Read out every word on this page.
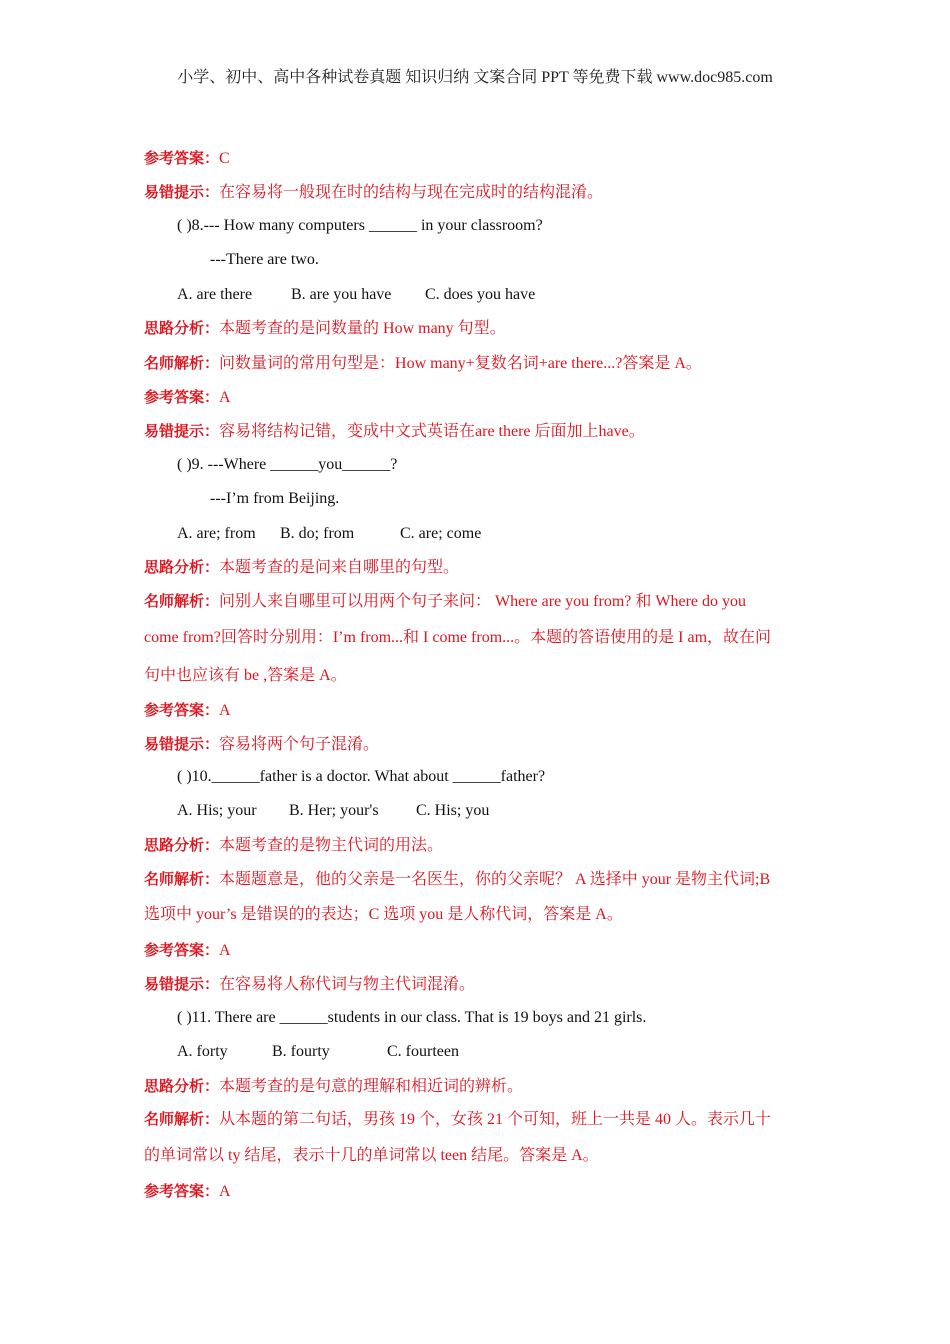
小学、初中、高中各种试卷真题 知识归纳 文案合同 PPT 等免费下载 www.doc985.com
参考答案：C
易错提示：在容易将一般现在时的结构与现在完成时的结构混淆。
( )8.--- How many computers ______ in your classroom?
---There are two.
A. are there B. are you have C. does you have
思路分析：本题考查的是问数量的 How many 句型。
名师解析：问数量词的常用句型是：How many+复数名词+are there...?答案是 A。
参考答案：A
易错提示：容易将结构记错，变成中文式英语在are there 后面加上have。
( )9. ---Where ______you______?
---I’m from Beijing.
A. are; from B. do; from	C. are; come
思路分析：本题考查的是问来自哪里的句型。
名师解析：问别人来自哪里可以用两个句子来问： Where are you from? 和 Where do you
come from?回答时分别用：I’m from...和 I come from...。本题的答语使用的是 I am，故在问
句中也应该有 be ,答案是 A。
参考答案：A
易错提示：容易将两个句子混淆。
( )10.______father is a doctor. What about ______father?
A. His; your B. Her; your's C. His; you
思路分析：本题考查的是物主代词的用法。
名师解析：本题题意是，他的父亲是一名医生，你的父亲呢？ A 选择中 your 是物主代词;B
选项中 your’s 是错误的的表达；C 选项 you 是人称代词，答案是 A。
参考答案：A
易错提示：在容易将人称代词与物主代词混淆。
( )11. There are ______students in our class. That is 19 boys and 21 girls.
A. forty	B. fourty	C. fourteen
思路分析：本题考查的是句意的理解和相近词的辨析。
名师解析：从本题的第二句话，男孩 19 个，女孩 21 个可知，班上一共是 40 人。表示几十
的单词常以 ty 结尾，表示十几的单词常以 teen 结尾。答案是 A。
参考答案：A
